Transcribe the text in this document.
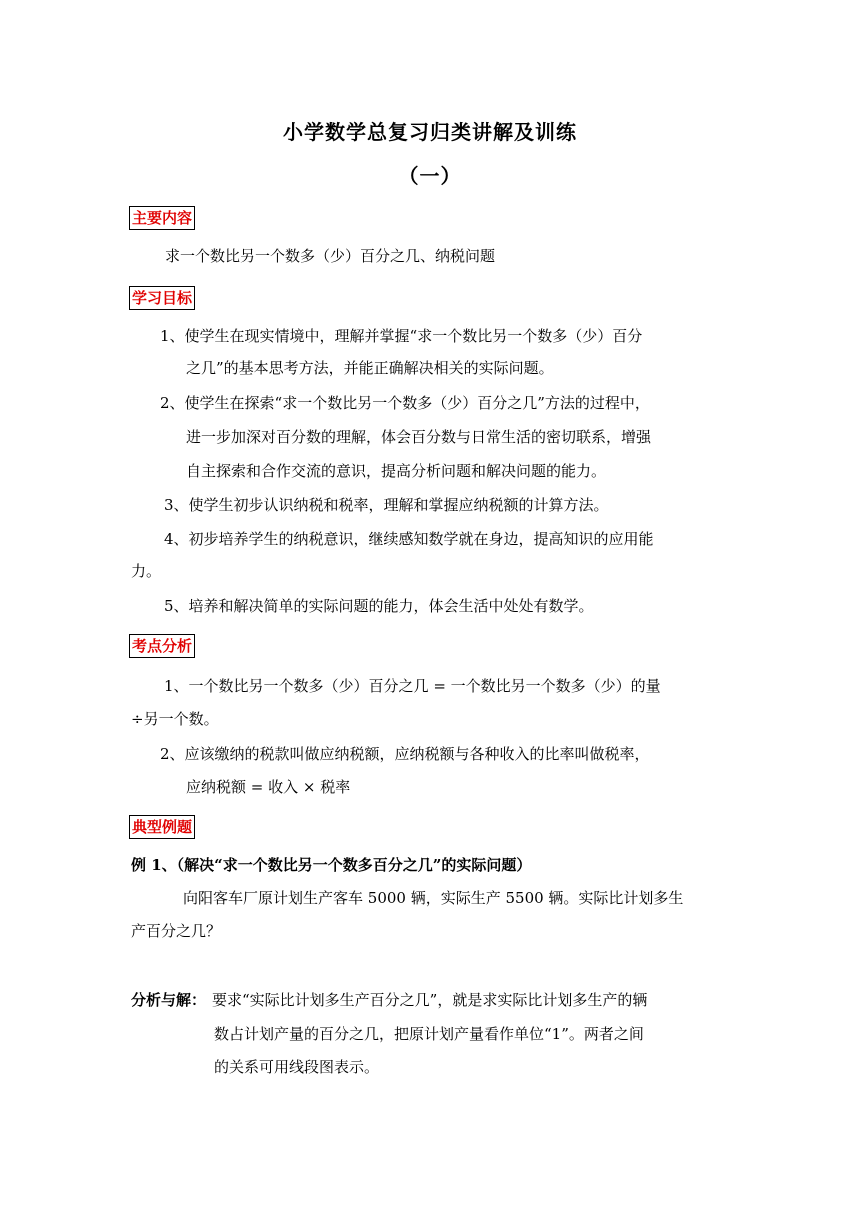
小学数学总复习归类讲解及训练
（一）
主要内容
求一个数比另一个数多（少）百分之几、纳税问题
学习目标
1、使学生在现实情境中，理解并掌握“求一个数比另一个数多（少）百分
之几”的基本思考方法，并能正确解决相关的实际问题。
2、使学生在探索“求一个数比另一个数多（少）百分之几”方法的过程中，
进一步加深对百分数的理解，体会百分数与日常生活的密切联系，增强
自主探索和合作交流的意识，提高分析问题和解决问题的能力。
3、使学生初步认识纳税和税率，理解和掌握应纳税额的计算方法。
4、初步培养学生的纳税意识，继续感知数学就在身边，提高知识的应用能
力。
5、培养和解决简单的实际问题的能力，体会生活中处处有数学。
考点分析
1、一个数比另一个数多（少）百分之几 = 一个数比另一个数多（少）的量
÷另一个数。
2、应该缴纳的税款叫做应纳税额，应纳税额与各种收入的比率叫做税率，
应纳税额 = 收入 × 税率
典型例题
例 1、（解决“求一个数比另一个数多百分之几”的实际问题）
向阳客车厂原计划生产客车 5000 辆，实际生产 5500 辆。实际比计划多生
产百分之几？
分析与解： 要求“实际比计划多生产百分之几”，就是求实际比计划多生产的辆
数占计划产量的百分之几，把原计划产量看作单位“1”。两者之间
的关系可用线段图表示。
